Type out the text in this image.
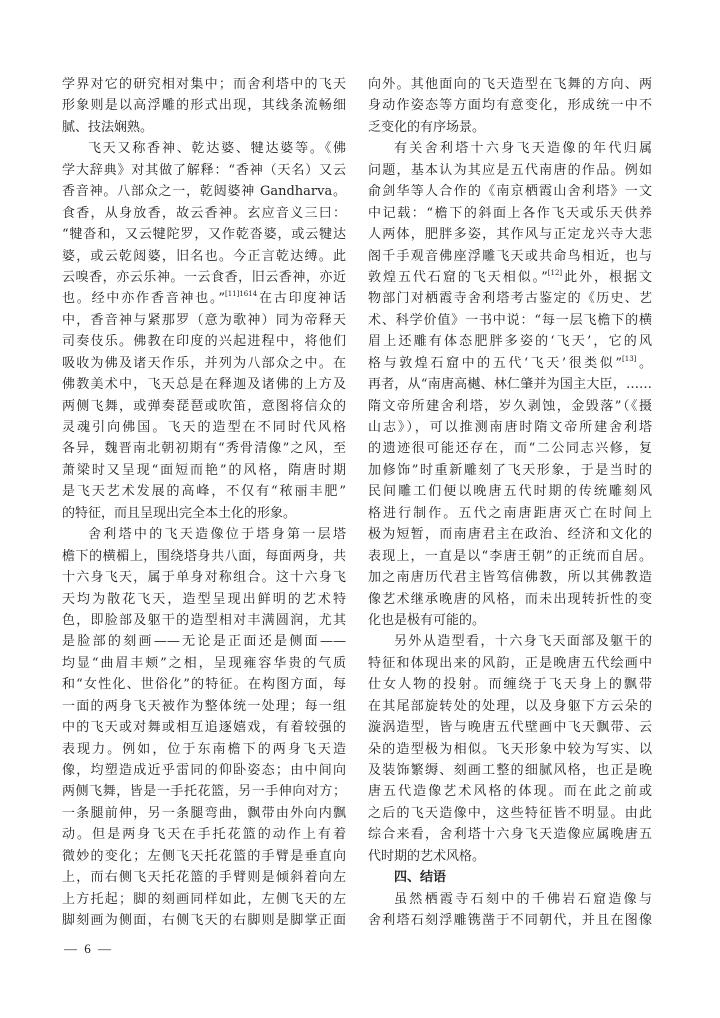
学界对它的研究相对集中；而舍利塔中的飞天
形象则是以高浮雕的形式出现，其线条流畅细
腻、技法娴熟。
飞天又称香神、乾达婆、犍达婆等。《佛
学大辞典》对其做了解释：“香神（天名）又云
香音神。八部众之一，乾闼婆神 Gandharva。
食香，从身放香，故云香神。玄应音义三曰：
“犍沓和，又云犍陀罗，又作乾沓婆，或云犍达
婆，或云乾闼婆，旧名也。今正言乾达缚。此
云嗅香，亦云乐神。一云食香，旧云香神，亦近
也。经中亦作香音神也。”$^{[11]1614}$在古印度神话
中，香音神与紧那罗（意为歌神）同为帝释天
司奏伎乐。佛教在印度的兴起进程中，将他们
吸收为佛及诸天作乐，并列为八部众之中。在
佛教美术中，飞天总是在释迦及诸佛的上方及
两侧飞舞，或弹奏琵琶或吹笛，意图将信众的
灵魂引向佛国。飞天的造型在不同时代风格
各异，魏晋南北朝初期有“秀骨清像”之风，至
萧梁时又呈现“面短而艳”的风格，隋唐时期
是飞天艺术发展的高峰，不仅有“秾丽丰肥”
的特征，而且呈现出完全本土化的形象。
舍利塔中的飞天造像位于塔身第一层塔
檐下的横楣上，围绕塔身共八面，每面两身，共
十六身飞天，属于单身对称组合。这十六身飞
天均为散花飞天，造型呈现出鲜明的艺术特
色，即脸部及躯干的造型相对丰满圆润，尤其
是脸部的刻画——无论是正面还是侧面——
均显“曲眉丰颊”之相，呈现雍容华贵的气质
和“女性化、世俗化”的特征。在构图方面，每
一面的两身飞天被作为整体统一处理；每一组
中的飞天或对舞或相互追逐嬉戏，有着较强的
表现力。例如，位于东南檐下的两身飞天造
像，均塑造成近乎雷同的仰卧姿态；由中间向
两侧飞舞，皆是一手托花篮，另一手伸向对方；
一条腿前伸，另一条腿弯曲，飘带由外向内飘
动。但是两身飞天在手托花篮的动作上有着
微妙的变化；左侧飞天托花篮的手臂是垂直向
上，而右侧飞天托花篮的手臂则是倾斜着向左
上方托起；脚的刻画同样如此，左侧飞天的左
脚刻画为侧面，右侧飞天的右脚则是脚掌正面
向外。其他面向的飞天造型在飞舞的方向、两
身动作姿态等方面均有意变化，形成统一中不
乏变化的有序场景。
有关舍利塔十六身飞天造像的年代归属
问题，基本认为其应是五代南唐的作品。例如
俞剑华等人合作的《南京栖霞山舍利塔》一文
中记载：“檐下的斜面上各作飞天或乐天供养
人两体，肥胖多姿，其作风与正定龙兴寺大悲
阁千手观音佛座浮雕飞天或共命鸟相近，也与
敦煌五代石窟的飞天相似。”[12]此外，根据文
物部门对栖霞寺舍利塔考古鉴定的《历史、艺
术、科学价值》一书中说：“每一层飞檐下的横
眉上还雕有体态肥胖多姿的‘飞天’，它的风
格与敦煌石窟中的五代‘飞天’很类似”[13]。
再者，从“南唐高樾、林仁肇并为国主大臣，……
隋文帝所建舍利塔，岁久剥蚀，金毁落”（《摄
山志》），可以推测南唐时隋文帝所建舍利塔
的遗迹很可能还存在，而“二公同志兴修，复
加修饰”时重新雕刻了飞天形象，于是当时的
民间雕工们便以晚唐五代时期的传统雕刻风
格进行制作。五代之南唐距唐灭亡在时间上
极为短暂，而南唐君主在政治、经济和文化的
表现上，一直是以“李唐王朝”的正统而自居。
加之南唐历代君主皆笃信佛教，所以其佛教造
像艺术继承晚唐的风格，而未出现转折性的变
化也是极有可能的。
另外从造型看，十六身飞天面部及躯干的
特征和体现出来的风韵，正是晚唐五代绘画中
仕女人物的投射。而缠绕于飞天身上的飘带
在其尾部旋转处的处理，以及身躯下方云朵的
漩涡造型，皆与晚唐五代壁画中飞天飘带、云
朵的造型极为相似。飞天形象中较为写实、以
及装饰繁缛、刻画工整的细腻风格，也正是晚
唐五代造像艺术风格的体现。而在此之前或
之后的飞天造像中，这些特征皆不明显。由此
综合来看，舍利塔十六身飞天造像应属晚唐五
代时期的艺术风格。
四、结语
虽然栖霞寺石刻中的千佛岩石窟造像与
舍利塔石刻浮雕镌凿于不同朝代，并且在图像
— 6 —
